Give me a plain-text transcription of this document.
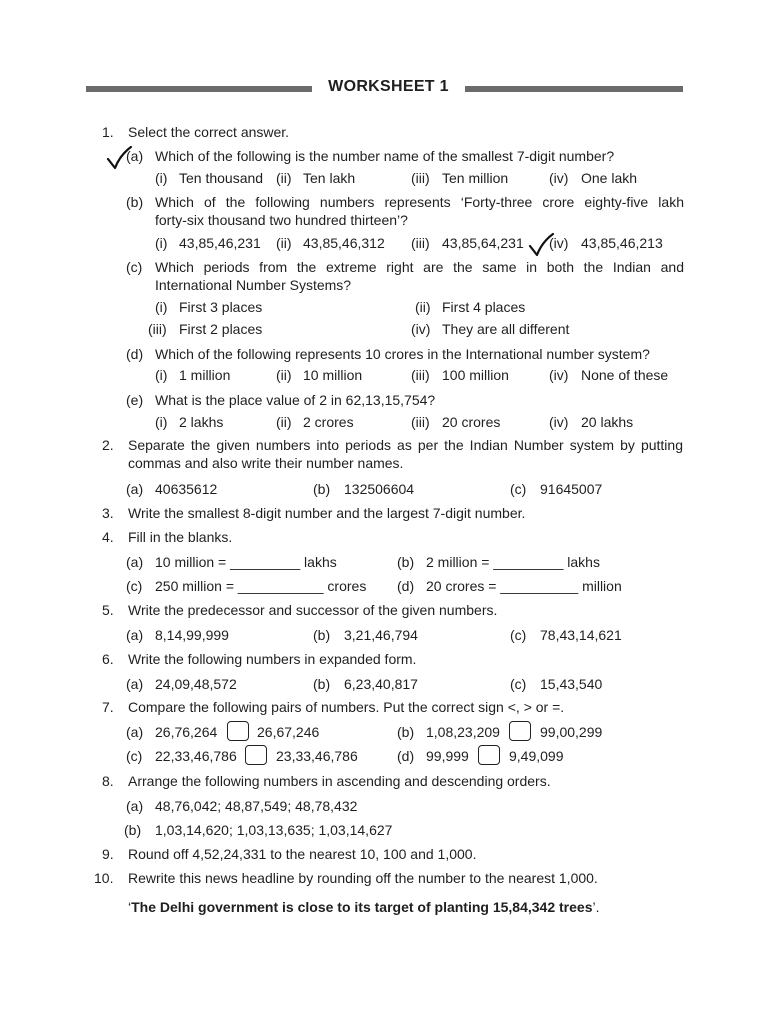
WORKSHEET 1
1. Select the correct answer.
(a) Which of the following is the number name of the smallest 7-digit number?
(i) Ten thousand (ii) Ten lakh	(iii) Ten million	(iv) One lakh
(b) Which of the following numbers represents ‘Forty-three crore eighty-five lakh
forty-six thousand two hundred thirteen’?
(i) 43,85,46,231 (ii) 43,85,46,312 (iii) 43,85,64,231 (iv) 43,85,46,213
(c) Which periods from the extreme right are the same in both the Indian and
International Number Systems?
(i) First 3 places	(ii) First 4 places
(iii) First 2 places	(iv) They are all different
(d) Which of the following represents 10 crores in the International number system?
(i) 1 million	(ii) 10 million	(iii) 100 million	(iv) None of these
(e) What is the place value of 2 in 62,13,15,754?
(i) 2 lakhs	(ii) 2 crores	(iii) 20 crores	(iv) 20 lakhs
2. Separate the given numbers into periods as per the Indian Number system by putting
commas and also write their number names.
(a) 40635612	(b) 132506604	(c) 91645007
3. Write the smallest 8-digit number and the largest 7-digit number.
4. Fill in the blanks.
(a) 10 million = _________ lakhs	(b) 2 million = _________ lakhs
(c) 250 million = ___________ crores (d) 20 crores = __________ million
5. Write the predecessor and successor of the given numbers.
(a) 8,14,99,999	(b) 3,21,46,794	(c) 78,43,14,621
6. Write the following numbers in expanded form.
(a) 24,09,48,572	(b) 6,23,40,817	(c) 15,43,540
7. Compare the following pairs of numbers. Put the correct sign <, > or =.
(a) 26,76,264	26,67,246	(b) 1,08,23,209	99,00,299
(c) 22,33,46,786	23,33,46,786	(d) 99,999	9,49,099
8. Arrange the following numbers in ascending and descending orders.
(a) 48,76,042; 48,87,549; 48,78,432
(b) 1,03,14,620; 1,03,13,635; 1,03,14,627
9. Round off 4,52,24,331 to the nearest 10, 100 and 1,000.
10. Rewrite this news headline by rounding off the number to the nearest 1,000.
‘The Delhi government is close to its target of planting 15,84,342 trees’.
